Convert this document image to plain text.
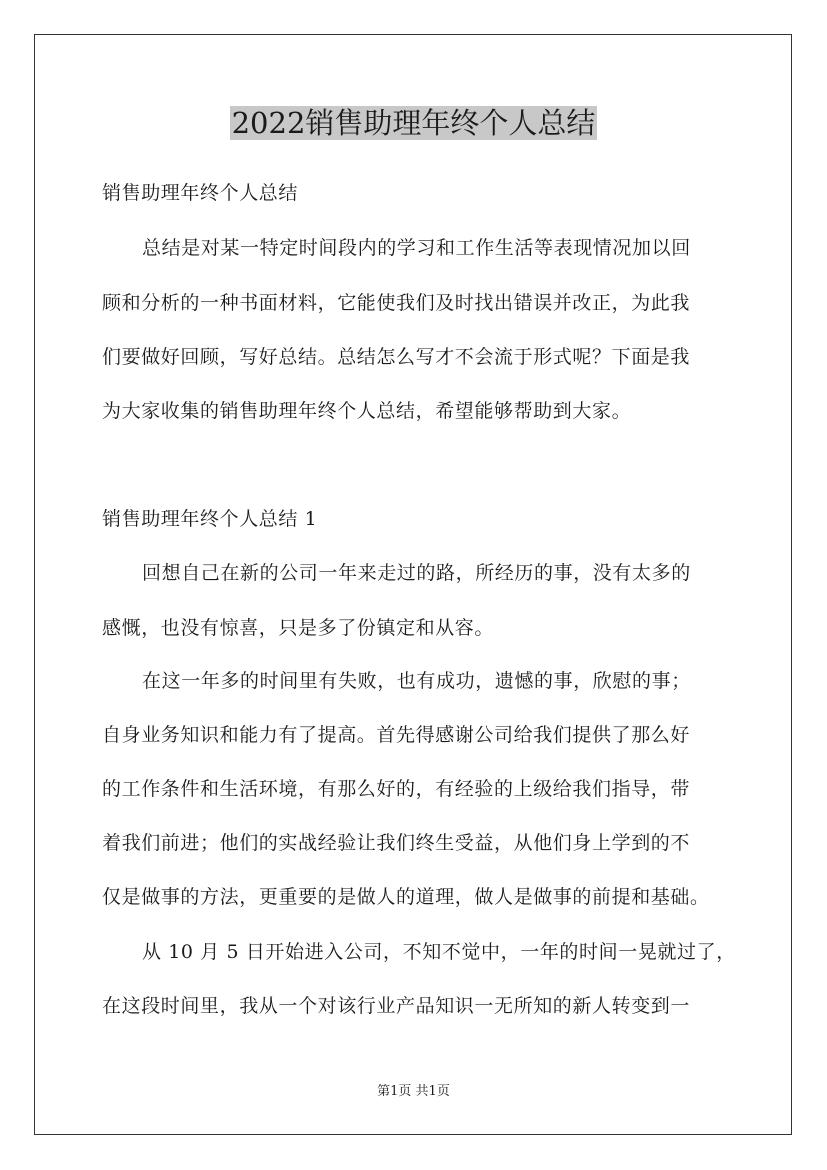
2022销售助理年终个人总结
销售助理年终个人总结
总结是对某一特定时间段内的学习和工作生活等表现情况加以回
顾和分析的一种书面材料，它能使我们及时找出错误并改正，为此我
们要做好回顾，写好总结。总结怎么写才不会流于形式呢？下面是我
为大家收集的销售助理年终个人总结，希望能够帮助到大家。
销售助理年终个人总结 1
回想自己在新的公司一年来走过的路，所经历的事，没有太多的
感慨，也没有惊喜，只是多了份镇定和从容。
在这一年多的时间里有失败，也有成功，遗憾的事，欣慰的事；
自身业务知识和能力有了提高。首先得感谢公司给我们提供了那么好
的工作条件和生活环境，有那么好的，有经验的上级给我们指导，带
着我们前进；他们的实战经验让我们终生受益，从他们身上学到的不
仅是做事的方法，更重要的是做人的道理，做人是做事的前提和基础。
从 10 月 5 日开始进入公司，不知不觉中，一年的时间一晃就过了，
在这段时间里，我从一个对该行业产品知识一无所知的新人转变到一
第1页 共1页
